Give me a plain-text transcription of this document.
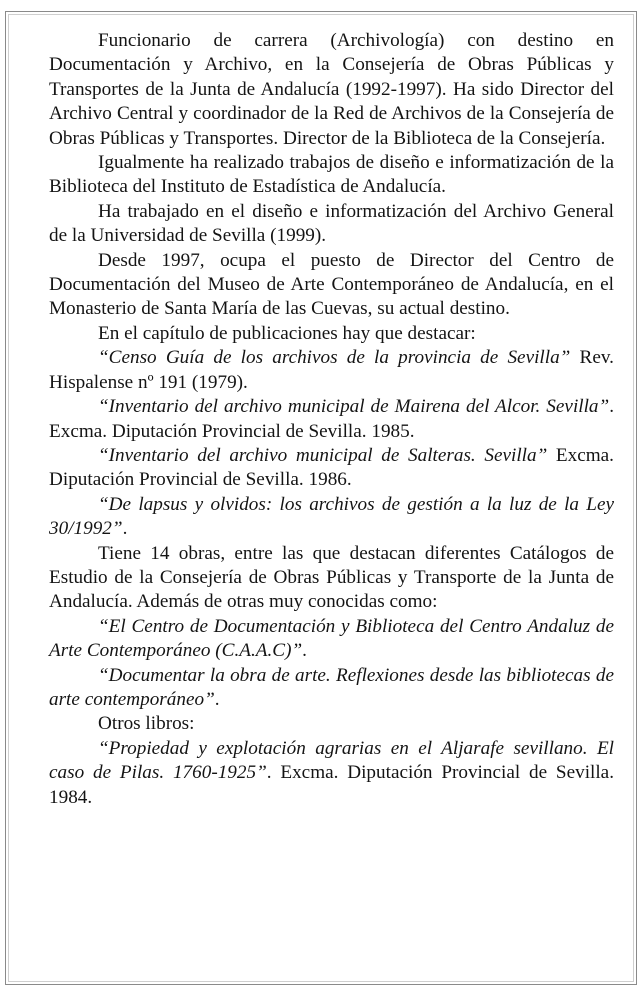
Funcionario de carrera (Archivología) con destino en Documentación y Archivo, en la Consejería de Obras Públicas y Transportes de la Junta de Andalucía (1992-1997). Ha sido Director del Archivo Central y coordinador de la Red de Archivos de la Consejería de Obras Públicas y Transportes. Director de la Biblioteca de la Consejería.

Igualmente ha realizado trabajos de diseño e informatización de la Biblioteca del Instituto de Estadística de Andalucía.

Ha trabajado en el diseño e informatización del Archivo General de la Universidad de Sevilla (1999).

Desde 1997, ocupa el puesto de Director del Centro de Documentación del Museo de Arte Contemporáneo de Andalucía, en el Monasterio de Santa María de las Cuevas, su actual destino.

En el capítulo de publicaciones hay que destacar:

“Censo Guía de los archivos de la provincia de Sevilla” Rev. Hispalense nº 191 (1979).

“Inventario del archivo municipal de Mairena del Alcor. Sevilla”. Excma. Diputación Provincial de Sevilla. 1985.

“Inventario del archivo municipal de Salteras. Sevilla” Excma. Diputación Provincial de Sevilla. 1986.

“De lapsus y olvidos: los archivos de gestión a la luz de la Ley 30/1992”.

Tiene 14 obras, entre las que destacan diferentes Catálogos de Estudio de la Consejería de Obras Públicas y Transporte de la Junta de Andalucía. Además de otras muy conocidas como:

“El Centro de Documentación y Biblioteca del Centro Andaluz de Arte Contemporáneo (C.A.A.C)”.

“Documentar la obra de arte. Reflexiones desde las bibliotecas de arte contemporáneo”.

Otros libros:

“Propiedad y explotación agrarias en el Aljarafe sevillano. El caso de Pilas. 1760-1925”. Excma. Diputación Provincial de Sevilla. 1984.
